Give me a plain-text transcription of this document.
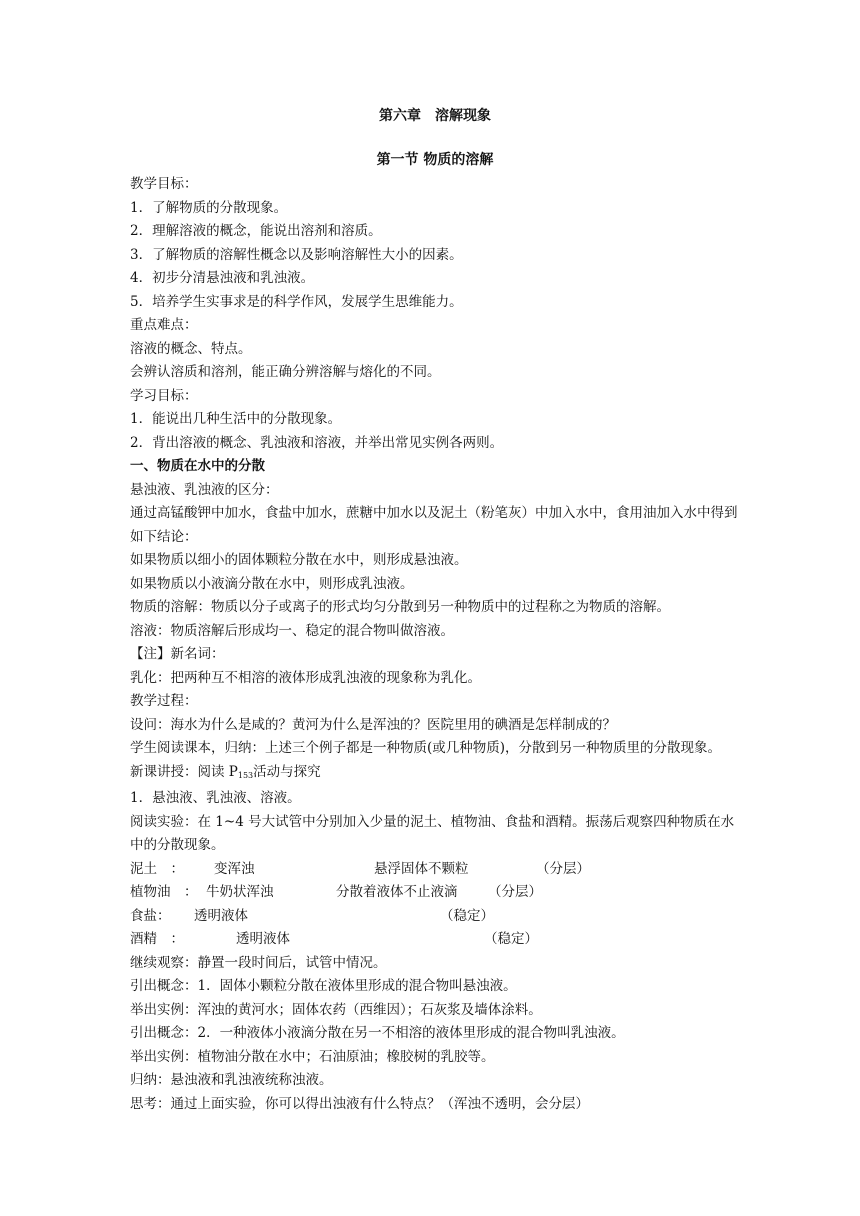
第六章　溶解现象
第一节 物质的溶解
教学目标：
1．了解物质的分散现象。
2．理解溶液的概念，能说出溶剂和溶质。
3．了解物质的溶解性概念以及影响溶解性大小的因素。
4．初步分清悬浊液和乳浊液。
5．培养学生实事求是的科学作风，发展学生思维能力。
重点难点：
溶液的概念、特点。
会辨认溶质和溶剂，能正确分辨溶解与熔化的不同。
学习目标：
1．能说出几种生活中的分散现象。
2．背出溶液的概念、乳浊液和溶液，并举出常见实例各两则。
一、物质在水中的分散
悬浊液、乳浊液的区分：
通过高锰酸钾中加水，食盐中加水，蔗糖中加水以及泥土（粉笔灰）中加入水中，食用油加入水中得到如下结论：
如果物质以细小的固体颗粒分散在水中，则形成悬浊液。
如果物质以小液滴分散在水中，则形成乳浊液。
物质的溶解：物质以分子或离子的形式均匀分散到另一种物质中的过程称之为物质的溶解。
溶液：物质溶解后形成均一、稳定的混合物叫做溶液。
【注】新名词：
乳化：把两种互不相溶的液体形成乳浊液的现象称为乳化。
教学过程：
设问：海水为什么是咸的？黄河为什么是浑浊的？医院里用的碘酒是怎样制成的？
学生阅读课本，归纳：上述三个例子都是一种物质(或几种物质)，分散到另一种物质里的分散现象。
新课讲授：阅读 $P_{153}$活动与探究
1．悬浊液、乳浊液、溶液。
阅读实验：在 1~4 号大试管中分别加入少量的泥土、植物油、食盐和酒精。振荡后观察四种物质在水中的分散现象。
泥土　： 变浑浊	悬浮固体不颗粒	（分层）
植物油　： 牛奶状浑浊	分散着液体不止液滴 （分层）
食盐： 透明液体	（稳定）
酒精　：	透明液体	（稳定）
继续观察：静置一段时间后，试管中情况。
引出概念：1．固体小颗粒分散在液体里形成的混合物叫悬浊液。
举出实例：浑浊的黄河水；固体农药（西维因）；石灰浆及墙体涂料。
引出概念：2．一种液体小液滴分散在另一不相溶的液体里形成的混合物叫乳浊液。
举出实例：植物油分散在水中；石油原油；橡胶树的乳胶等。
归纳：悬浊液和乳浊液统称浊液。
思考：通过上面实验，你可以得出浊液有什么特点？（浑浊不透明，会分层）
